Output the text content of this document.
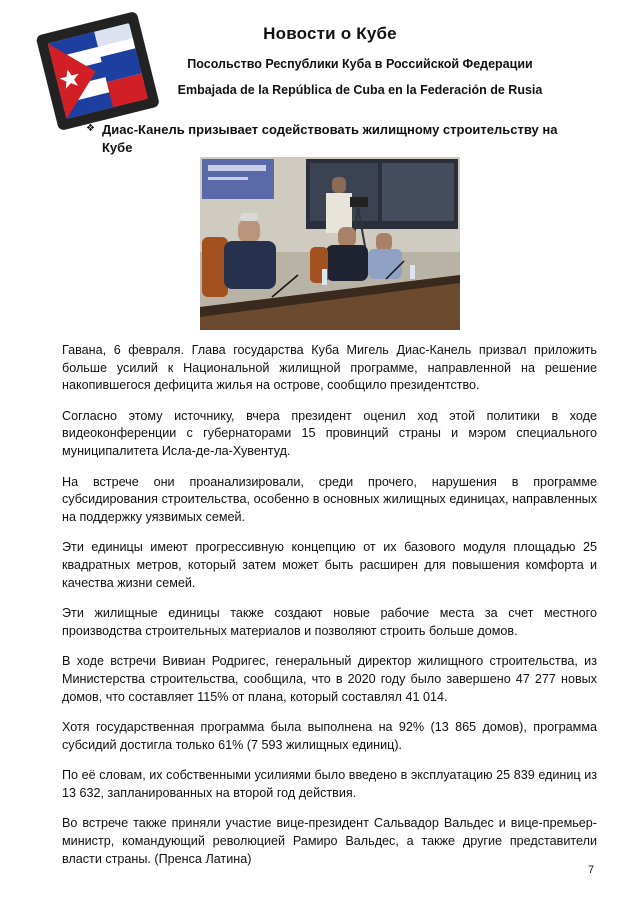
Новости о Кубе
Посольство Республики Куба в Российской Федерации
Embajada de la República de Cuba en la Federación de Rusia
❖ Диас-Канель призывает содействовать жилищному строительству на Кубе

Гавана, 6 февраля. Глава государства Куба Мигель Диас-Канель призвал приложить больше усилий к Национальной жилищной программе, направленной на решение накопившегося дефицита жилья на острове, сообщило президентство.

Согласно этому источнику, вчера президент оценил ход этой политики в ходе видеоконференции с губернаторами 15 провинций страны и мэром специального муниципалитета Исла-де-ла-Хувентуд.

На встрече они проанализировали, среди прочего, нарушения в программе субсидирования строительства, особенно в основных жилищных единицах, направленных на поддержку уязвимых семей.

Эти единицы имеют прогрессивную концепцию от их базового модуля площадью 25 квадратных метров, который затем может быть расширен для повышения комфорта и качества жизни семей.

Эти жилищные единицы также создают новые рабочие места за счет местного производства строительных материалов и позволяют строить больше домов.

В ходе встречи Вивиан Родригес, генеральный директор жилищного строительства, из Министерства строительства, сообщила, что в 2020 году было завершено 47 277 новых домов, что составляет 115% от плана, который составлял 41 014.

Хотя государственная программа была выполнена на 92% (13 865 домов), программа субсидий достигла только 61% (7 593 жилищных единиц).

По её словам, их собственными усилиями было введено в эксплуатацию 25 839 единиц из 13 632, запланированных на второй год действия.

Во встрече также приняли участие вице-президент Сальвадор Вальдес и вице-премьер-министр, командующий революцией Рамиро Вальдес, а также другие представители власти страны. (Пренса Латина)

7
